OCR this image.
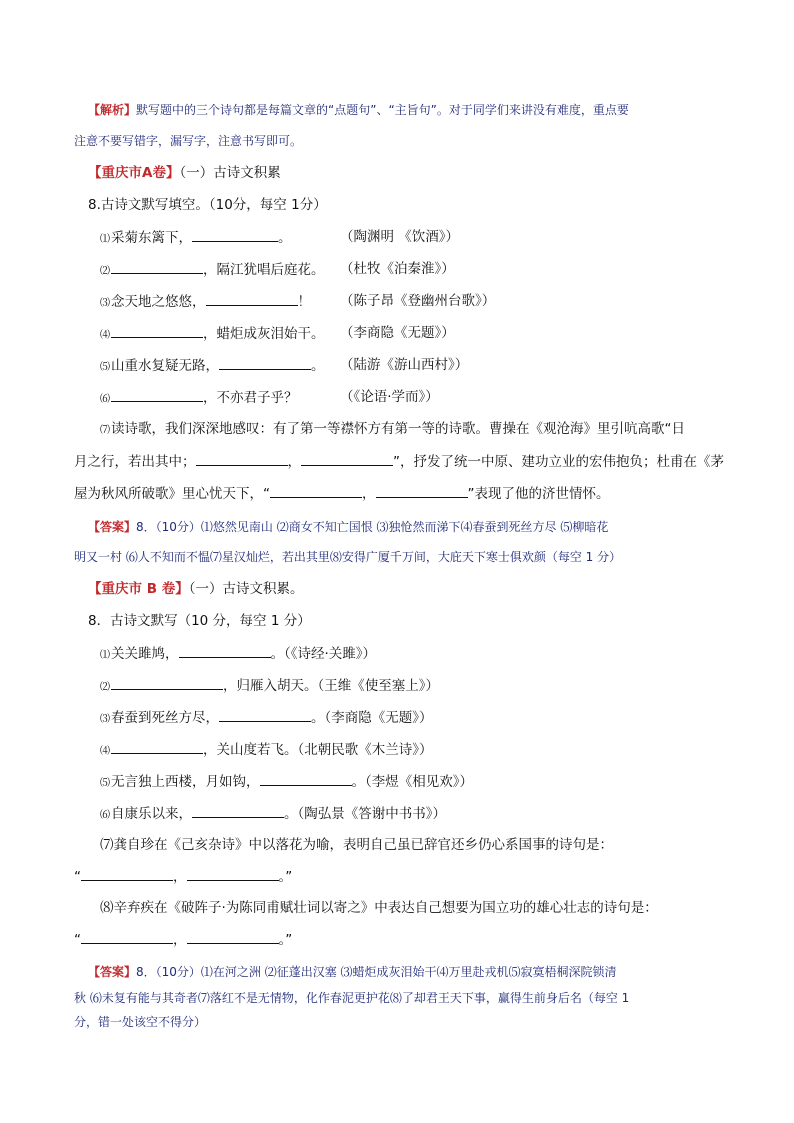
【解析】默写题中的三个诗句都是每篇文章的“点题句”、“主旨句”。对于同学们来讲没有难度，重点要
注意不要写错字，漏写字，注意书写即可。
【重庆市A卷】（一）古诗文积累
8.古诗文默写填空。（10分，每空 1分）
⑴采菊东篱下，	。	（陶渊明 《饮酒》）
⑵	，隔江犹唱后庭花。 （杜牧《泊秦淮》）
⑶念天地之悠悠，	！ （陈子昂《登幽州台歌》）
⑷	，蜡炬成灰泪始干。 （李商隐《无题》）
⑸山重水复疑无路，	。 （陆游《游山西村》）
⑹	，不亦君子乎？	（《论语·学而》）
⑺读诗歌，我们深深地感叹：有了第一等襟怀方有第一等的诗歌。曹操在《观沧海》里引吭高歌“日
月之行，若出其中；	，	”，抒发了统一中原、建功立业的宏伟抱负；杜甫在《茅
屋为秋风所破歌》里心忧天下，“	，	”表现了他的济世情怀。
【答案】8．（10分）⑴悠然见南山 ⑵商女不知亡国恨 ⑶独怆然而涕下⑷春蚕到死丝方尽 ⑸柳暗花
明又一村 ⑹人不知而不愠⑺星汉灿烂，若出其里⑻安得广厦千万间，大庇天下寒士俱欢颜（每空 1 分）
【重庆市 B 卷】（一）古诗文积累。
8．古诗文默写（10 分，每空 1 分）
⑴关关雎鸠，	。（《诗经·关雎》）
⑵	，归雁入胡天。（王维《使至塞上》）
⑶春蚕到死丝方尽，	。（李商隐《无题》）
⑷	，关山度若飞。（北朝民歌《木兰诗》）
⑸无言独上西楼，月如钩，	。（李煜《相见欢》）
⑹自康乐以来，	。（陶弘景《答谢中书书》）
⑺龚自珍在《己亥杂诗》中以落花为喻，表明自己虽已辞官还乡仍心系国事的诗句是：
“	，	。”
⑻辛弃疾在《破阵子·为陈同甫赋壮词以寄之》中表达自己想要为国立功的雄心壮志的诗句是：
“	，	。”
【答案】8．（10分）⑴在河之洲 ⑵征蓬出汉塞 ⑶蜡炬成灰泪始干⑷万里赴戎机⑸寂寞梧桐深院锁清
秋 ⑹未复有能与其奇者⑺落红不是无情物，化作春泥更护花⑻了却君王天下事，赢得生前身后名（每空 1
分，错一处该空不得分）
